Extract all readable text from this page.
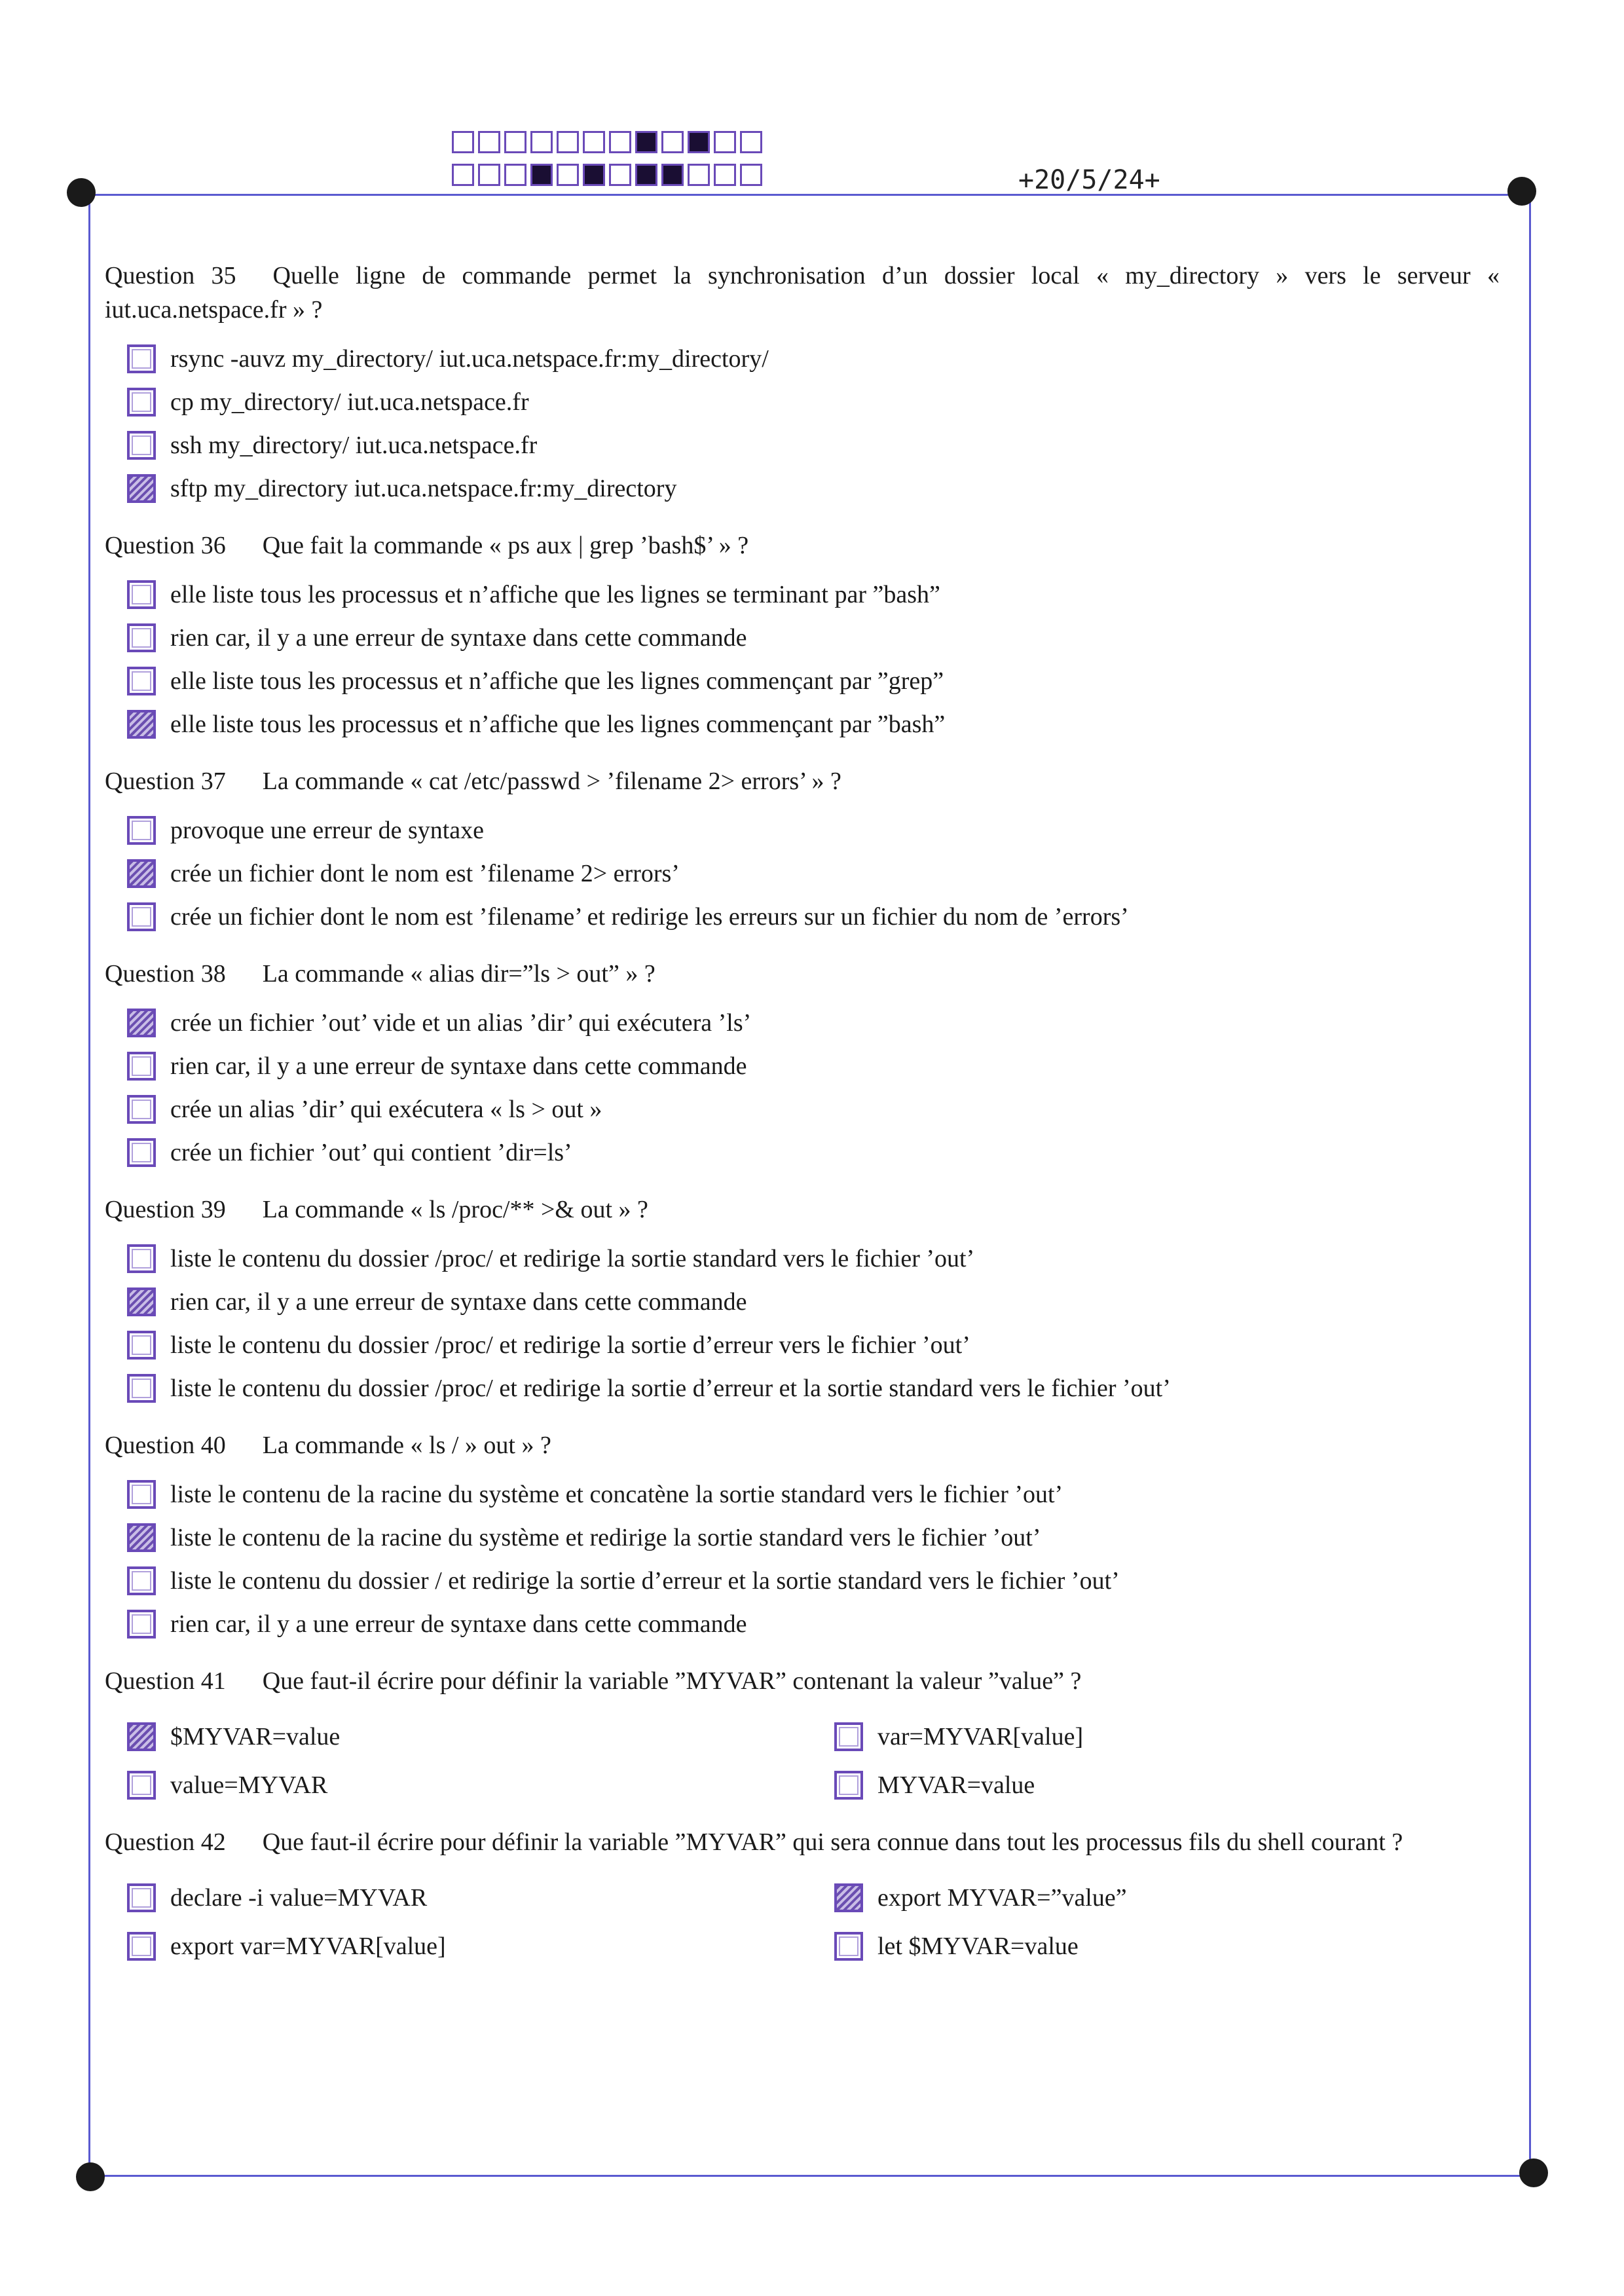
+20/5/24+
Question 35 Quelle ligne de commande permet la synchronisation d’un dossier local « my_directory » vers le serveur « iut.uca.netspace.fr » ?
rsync -auvz my_directory/ iut.uca.netspace.fr:my_directory/
cp my_directory/ iut.uca.netspace.fr
ssh my_directory/ iut.uca.netspace.fr
sftp my_directory iut.uca.netspace.fr:my_directory
Question 36 Que fait la commande « ps aux | grep ’bash$’ » ?
elle liste tous les processus et n’affiche que les lignes se terminant par ”bash”
rien car, il y a une erreur de syntaxe dans cette commande
elle liste tous les processus et n’affiche que les lignes commençant par ”grep”
elle liste tous les processus et n’affiche que les lignes commençant par ”bash”
Question 37 La commande « cat /etc/passwd > ’filename 2> errors’ » ?
provoque une erreur de syntaxe
crée un fichier dont le nom est ’filename 2> errors’
crée un fichier dont le nom est ’filename’ et redirige les erreurs sur un fichier du nom de ’errors’
Question 38 La commande « alias dir=”ls > out” » ?
crée un fichier ’out’ vide et un alias ’dir’ qui exécutera ’ls’
rien car, il y a une erreur de syntaxe dans cette commande
crée un alias ’dir’ qui exécutera « ls > out »
crée un fichier ’out’ qui contient ’dir=ls’
Question 39 La commande « ls /proc/** >& out » ?
liste le contenu du dossier /proc/ et redirige la sortie standard vers le fichier ’out’
rien car, il y a une erreur de syntaxe dans cette commande
liste le contenu du dossier /proc/ et redirige la sortie d’erreur vers le fichier ’out’
liste le contenu du dossier /proc/ et redirige la sortie d’erreur et la sortie standard vers le fichier ’out’
Question 40 La commande « ls / » out » ?
liste le contenu de la racine du système et concatène la sortie standard vers le fichier ’out’
liste le contenu de la racine du système et redirige la sortie standard vers le fichier ’out’
liste le contenu du dossier / et redirige la sortie d’erreur et la sortie standard vers le fichier ’out’
rien car, il y a une erreur de syntaxe dans cette commande
Question 41 Que faut-il écrire pour définir la variable ”MYVAR” contenant la valeur ”value” ?
$MYVAR=value	var=MYVAR[value]
value=MYVAR	MYVAR=value
Question 42 Que faut-il écrire pour définir la variable ”MYVAR” qui sera connue dans tout les processus fils du shell courant ?
declare -i value=MYVAR	export MYVAR=”value”
export var=MYVAR[value]	let $MYVAR=value
